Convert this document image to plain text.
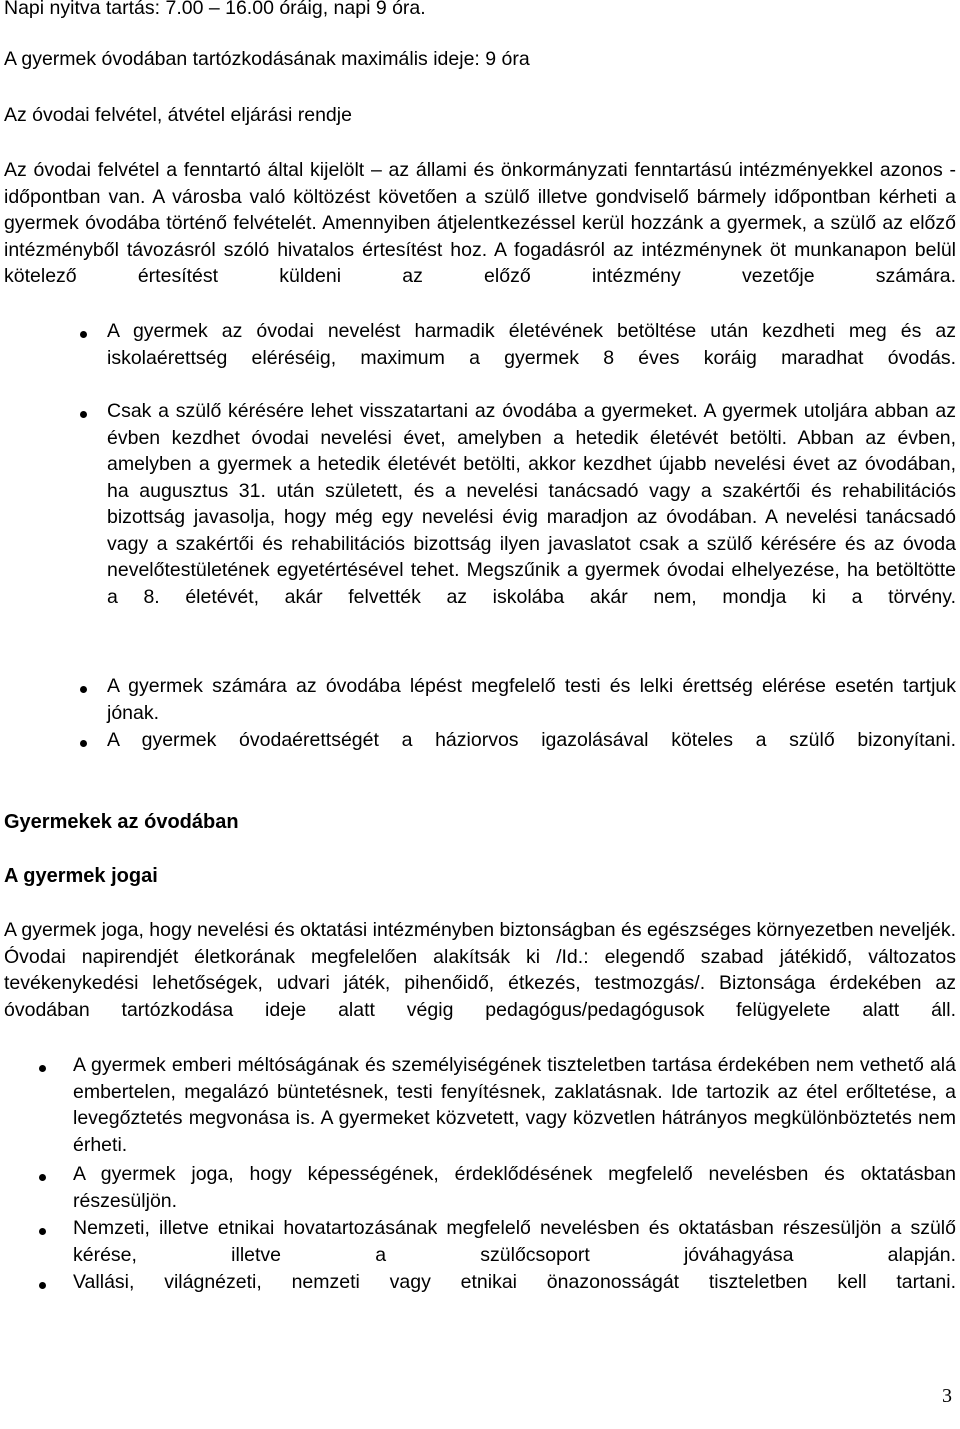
Napi nyitva tartás: 7.00 – 16.00 óráig, napi 9 óra.

A gyermek óvodában tartózkodásának maximális ideje: 9 óra

Az óvodai felvétel, átvétel eljárási rendje

Az óvodai felvétel a fenntartó által kijelölt – az állami és önkormányzati fenntartású intézményekkel azonos - időpontban van. A városba való költözést követően a szülő illetve gondviselő bármely időpontban kérheti a gyermek óvodába történő felvételét. Amennyiben átjelentkezéssel kerül hozzánk a gyermek, a szülő az előző intézményből távozásról szóló hivatalos értesítést hoz. A fogadásról az intézménynek öt munkanapon belül kötelező értesítést küldeni az előző intézmény vezetője számára.

A gyermek az óvodai nevelést harmadik életévének betöltése után kezdheti meg és az iskolaérettség eléréséig, maximum a gyermek 8 éves koráig maradhat óvodás.

Csak a szülő kérésére lehet visszatartani az óvodába a gyermeket. A gyermek utoljára abban az évben kezdhet óvodai nevelési évet, amelyben a hetedik életévét betölti. Abban az évben, amelyben a gyermek a hetedik életévét betölti, akkor kezdhet újabb nevelési évet az óvodában, ha augusztus 31. után született, és a nevelési tanácsadó vagy a szakértői és rehabilitációs bizottság javasolja, hogy még egy nevelési évig maradjon az óvodában. A nevelési tanácsadó vagy a szakértői és rehabilitációs bizottság ilyen javaslatot csak a szülő kérésére és az óvoda nevelőtestületének egyetértésével tehet. Megszűnik a gyermek óvodai elhelyezése, ha betöltötte a 8. életévét, akár felvették az iskolába akár nem, mondja ki a törvény.

A gyermek számára az óvodába lépést megfelelő testi és lelki érettség elérése esetén tartjuk jónak.

A gyermek óvodaérettségét a háziorvos igazolásával köteles a szülő bizonyítani.

Gyermekek az óvodában
A gyermek jogai

A gyermek joga, hogy nevelési és oktatási intézményben biztonságban és egészséges környezetben neveljék. Óvodai napirendjét életkorának megfelelően alakítsák ki /Id.: elegendő szabad játékidő, változatos tevékenykedési lehetőségek, udvari játék, pihenőidő, étkezés, testmozgás/. Biztonsága érdekében az óvodában tartózkodása ideje alatt végig pedagógus/pedagógusok felügyelete alatt áll.

A gyermek emberi méltóságának és személyiségének tiszteletben tartása érdekében nem vethető alá embertelen, megalázó büntetésnek, testi fenyítésnek, zaklatásnak. Ide tartozik az étel erőltetése, a levegőztetés megvonása is. A gyermeket közvetett, vagy közvetlen hátrányos megkülönböztetés nem érheti.

A gyermek joga, hogy képességének, érdeklődésének megfelelő nevelésben és oktatásban részesüljön.

Nemzeti, illetve etnikai hovatartozásának megfelelő nevelésben és oktatásban részesüljön a szülő kérése, illetve a szülőcsoport jóváhagyása alapján.

Vallási, világnézeti, nemzeti vagy etnikai önazonosságát tiszteletben kell tartani.

3
